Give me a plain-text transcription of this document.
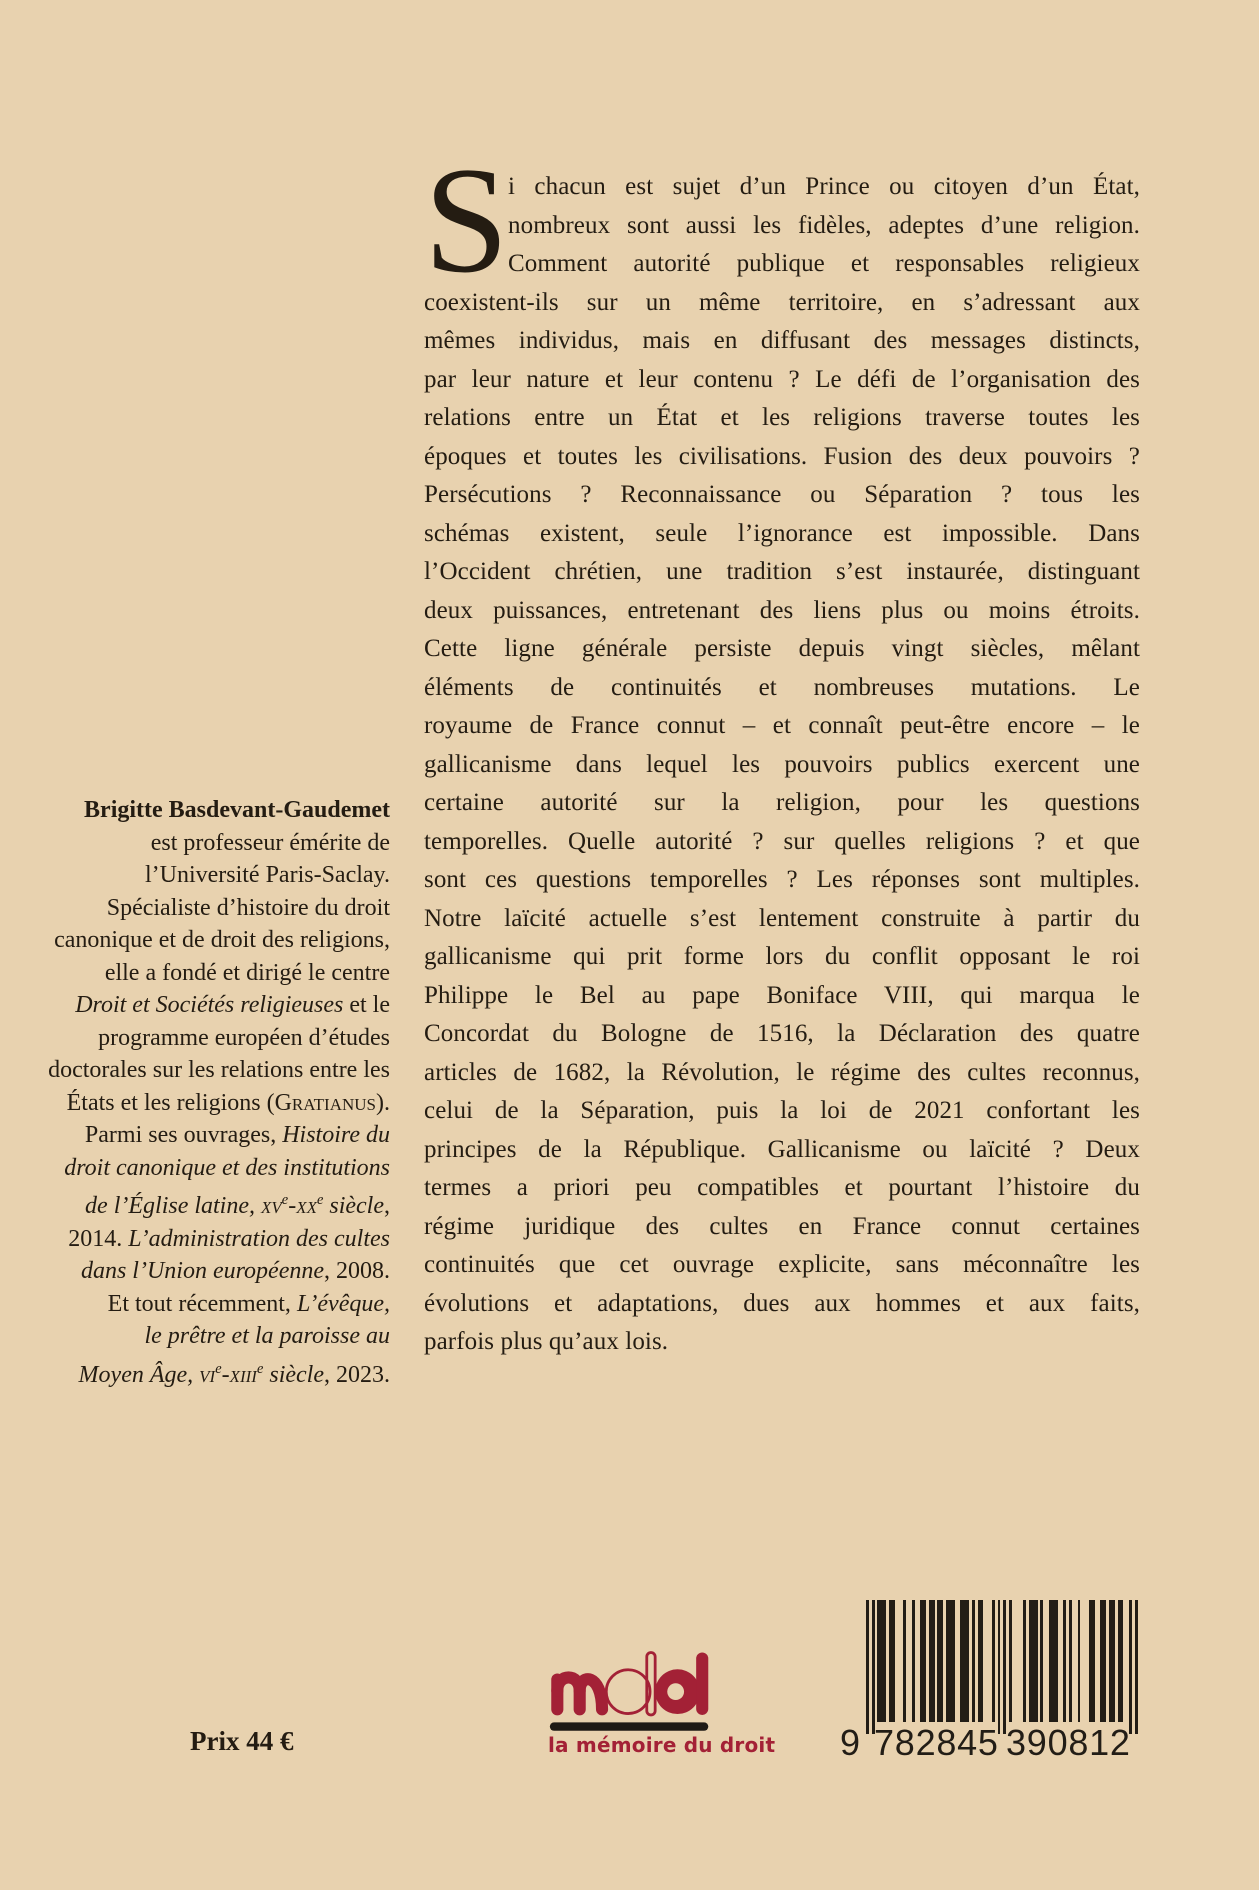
S i chacun est sujet d’un Prince ou citoyen d’un État,
nombreux sont aussi les fidèles, adeptes d’une religion.
Comment autorité publique et responsables religieux
coexistent-ils sur un même territoire, en s’adressant aux
mêmes individus, mais en diffusant des messages distincts,
par leur nature et leur contenu ? Le défi de l’organisation des
relations entre un État et les religions traverse toutes les
époques et toutes les civilisations. Fusion des deux pouvoirs ?
Persécutions ? Reconnaissance ou Séparation ? tous les
schémas existent, seule l’ignorance est impossible. Dans
l’Occident chrétien, une tradition s’est instaurée, distinguant
deux puissances, entretenant des liens plus ou moins étroits.
Cette ligne générale persiste depuis vingt siècles, mêlant
éléments de continuités et nombreuses mutations. Le
royaume de France connut – et connaît peut-être encore – le
gallicanisme dans lequel les pouvoirs publics exercent une
certaine autorité sur la religion, pour les questions
temporelles. Quelle autorité ? sur quelles religions ? et que
sont ces questions temporelles ? Les réponses sont multiples.
Notre laïcité actuelle s’est lentement construite à partir du
gallicanisme qui prit forme lors du conflit opposant le roi
Philippe le Bel au pape Boniface VIII, qui marqua le
Concordat du Bologne de 1516, la Déclaration des quatre
articles de 1682, la Révolution, le régime des cultes reconnus,
celui de la Séparation, puis la loi de 2021 confortant les
principes de la République. Gallicanisme ou laïcité ? Deux
termes a priori peu compatibles et pourtant l’histoire du
régime juridique des cultes en France connut certaines
continuités que cet ouvrage explicite, sans méconnaître les
évolutions et adaptations, dues aux hommes et aux faits,
parfois plus qu’aux lois.
Brigitte Basdevant-Gaudemet
est professeur émérite de
l’Université Paris-Saclay.
Spécialiste d’histoire du droit
canonique et de droit des religions,
elle a fondé et dirigé le centre
Droit et Sociétés religieuses et le
programme européen d’études
doctorales sur les relations entre les
États et les religions (Gratianus).
Parmi ses ouvrages, Histoire du
droit canonique et des institutions
de l’Église latine, $xv^e-xx^e$ siècle,
2014. L’administration des cultes
dans l’Union européenne, 2008.
Et tout récemment, L’évêque,
le prêtre et la paroisse au
Moyen Âge, $vi^e-xiii^e$ siècle, 2023.
Prix 44 €	la mémoire du droit 9 7 8 2 8 4 5 3 9 0 8 1 2
